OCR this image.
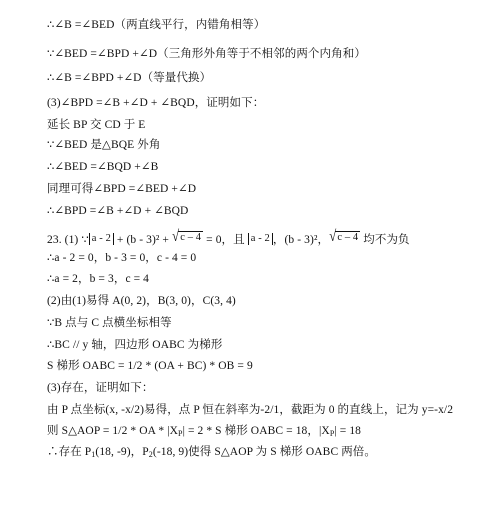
∴∠B =∠BED（两直线平行，内错角相等）
∵∠BED =∠BPD +∠D（三角形外角等于不相邻的两个内角和）
∴∠B =∠BPD +∠D（等量代换）
(3)∠BPD =∠B +∠D + ∠BQD，证明如下：
延长 BP 交 CD 于 E
∵∠BED 是△BQE 外角
∴∠BED =∠BQD +∠B
同理可得∠BPD =∠BED +∠D
∴∠BPD =∠B +∠D + ∠BQD
23. (1) ∵ a - 2 + (b - 3)² + √c – 4 = 0，且 a - 2 ，(b - 3)²，√c – 4 均不为负
∴a - 2 = 0，b - 3 = 0，c - 4 = 0
∴a = 2，b = 3，c = 4
(2)由(1)易得 A(0, 2)，B(3, 0)，C(3, 4)
∵B 点与 C 点横坐标相等
∴BC // y 轴，四边形 OABC 为梯形
S 梯形 OABC = 1/2 * (OA + BC) * OB = 9
(3)存在，证明如下：
由 P 点坐标(x, -x/2)易得，点 P 恒在斜率为-2/1，截距为 0 的直线上，记为 y=-x/2
则 S△AOP = 1/2 * OA * $|X_P| = 2 * S$ 梯形 OABC = 18，$|X_P| = 18$
∴存在 $P_1(18$, -9)，$P_2(-18$, 9)使得 S△AOP 为 S 梯形 OABC 两倍。
